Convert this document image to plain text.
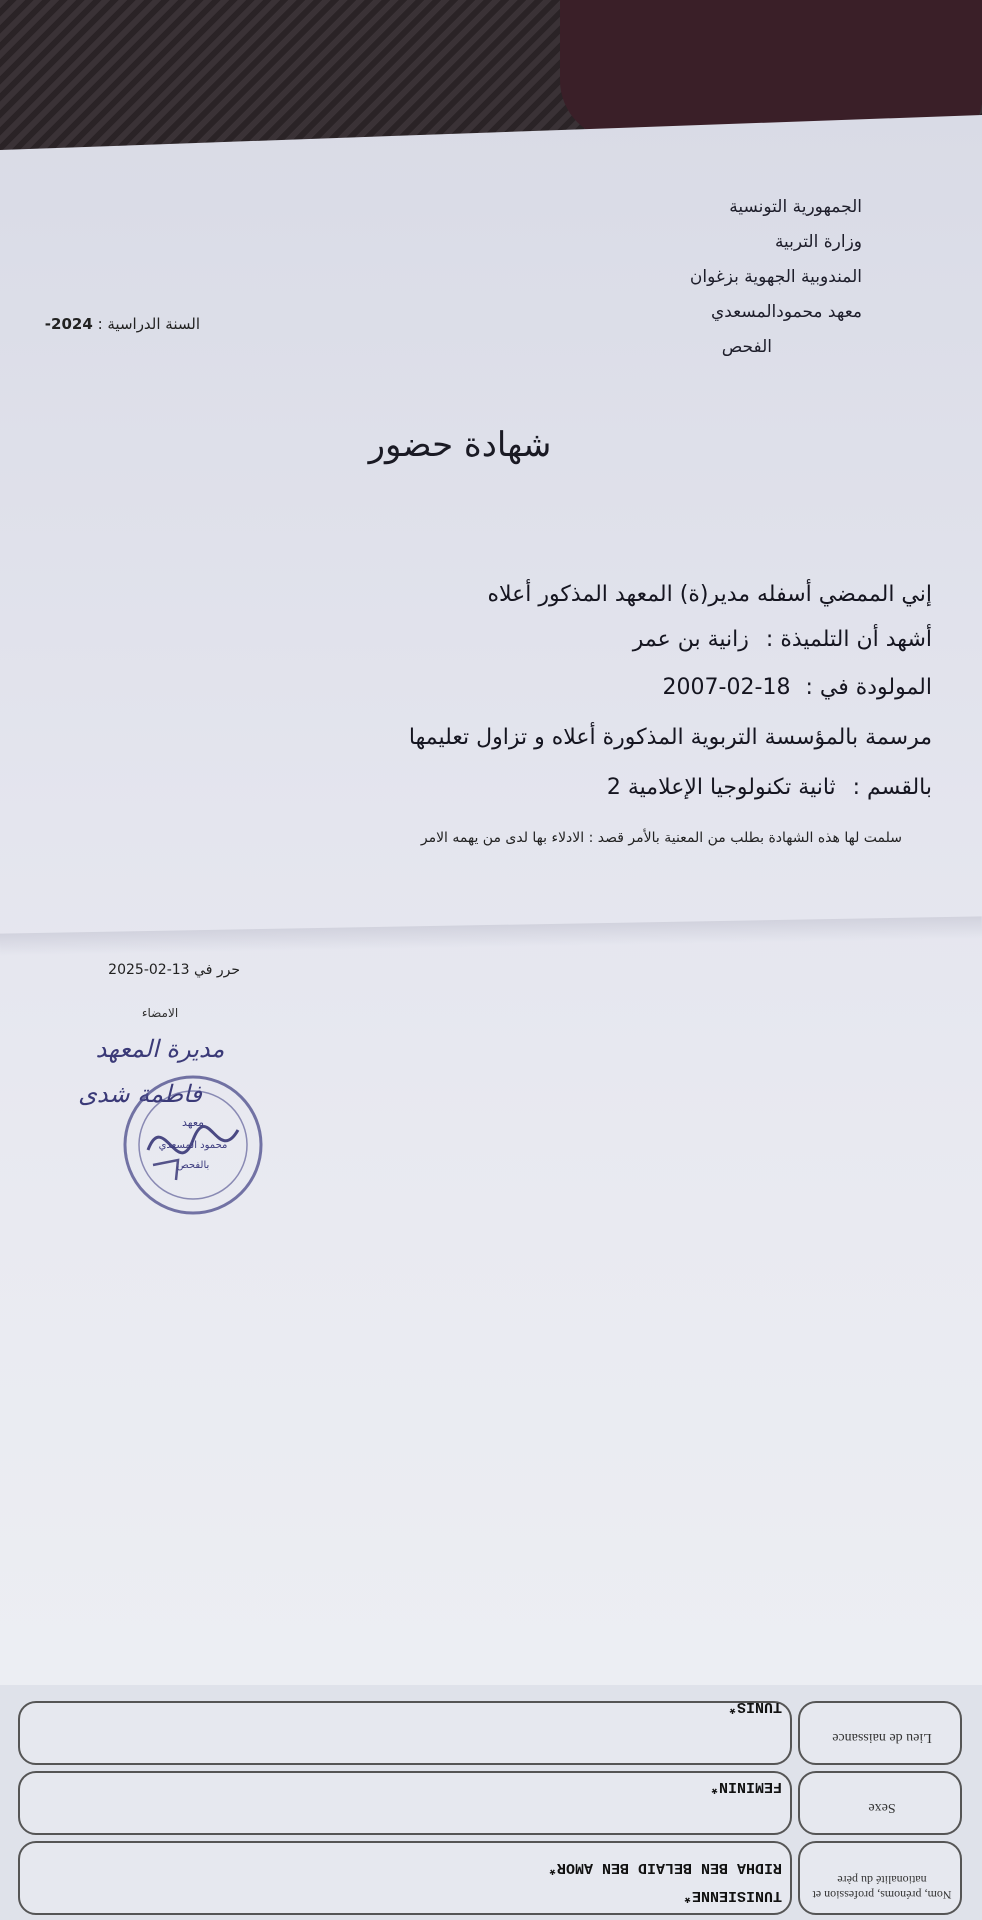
الجمهورية التونسية
وزارة التربية
المندوبية الجهوية بزغوان
معهد محمودالمسعدي
الفحص
السنة الدراسية : 2024-
شهادة حضور
إني الممضي أسفله مدير(ة) المعهد المذكور أعلاه
أشهد أن التلميذة : زانية بن عمر
المولودة في : 18-02-2007
مرسمة بالمؤسسة التربوية المذكورة أعلاه و تزاول تعليمها
بالقسم : ثانية تكنولوجيا الإعلامية 2
سلمت لها هذه الشهادة بطلب من المعنية بالأمر قصد : الادلاء بها لدى من يهمه الامر
حرر في 13-02-2025
الامضاء
مديرة المعهد
فاطمة شدى
معهد
محمود المسعدي
بالفحص
Nom, prénoms, profession et nationalité du père
TUNISIENNE*
RIDHA BEN BELAID BEN AMOR*
Sexe
FEMININ*
Lieu de naissance
TUNIS*
